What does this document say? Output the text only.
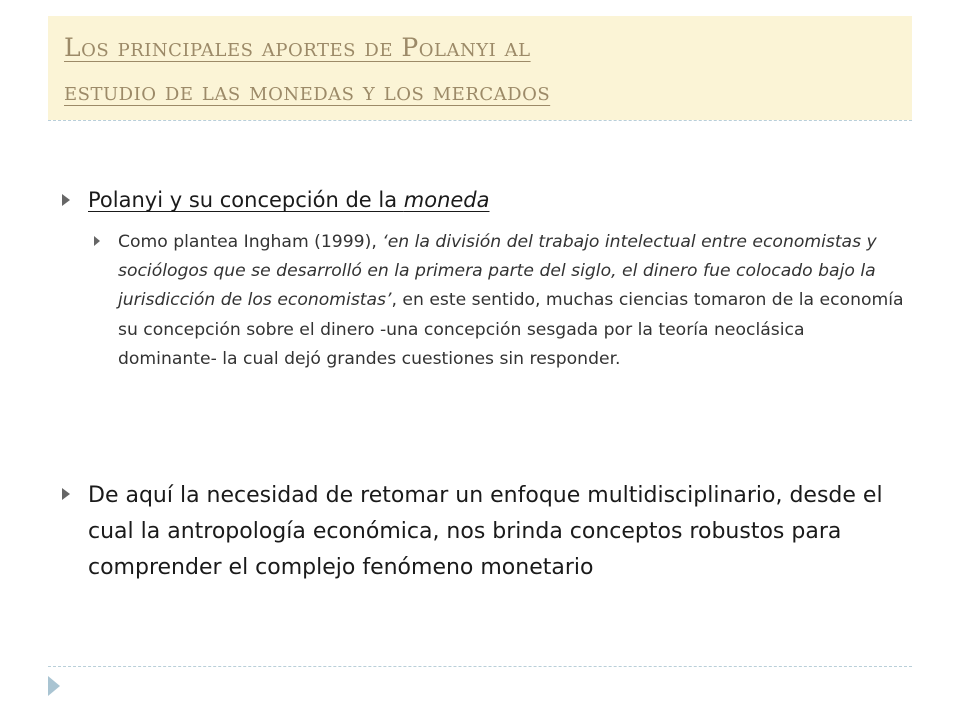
Los principales aportes de Polanyi al
estudio de las monedas y los mercados
Polanyi y su concepción de la moneda

Como plantea Ingham (1999), ‘en la división del trabajo intelectual entre economistas y sociólogos que se desarrolló en la primera parte del siglo, el dinero fue colocado bajo la jurisdicción de los economistas’, en este sentido, muchas ciencias tomaron de la economía su concepción sobre el dinero -una concepción sesgada por la teoría neoclásica dominante- la cual dejó grandes cuestiones sin responder.

De aquí la necesidad de retomar un enfoque multidisciplinario, desde el cual la antropología económica, nos brinda conceptos robustos para comprender el complejo fenómeno monetario
